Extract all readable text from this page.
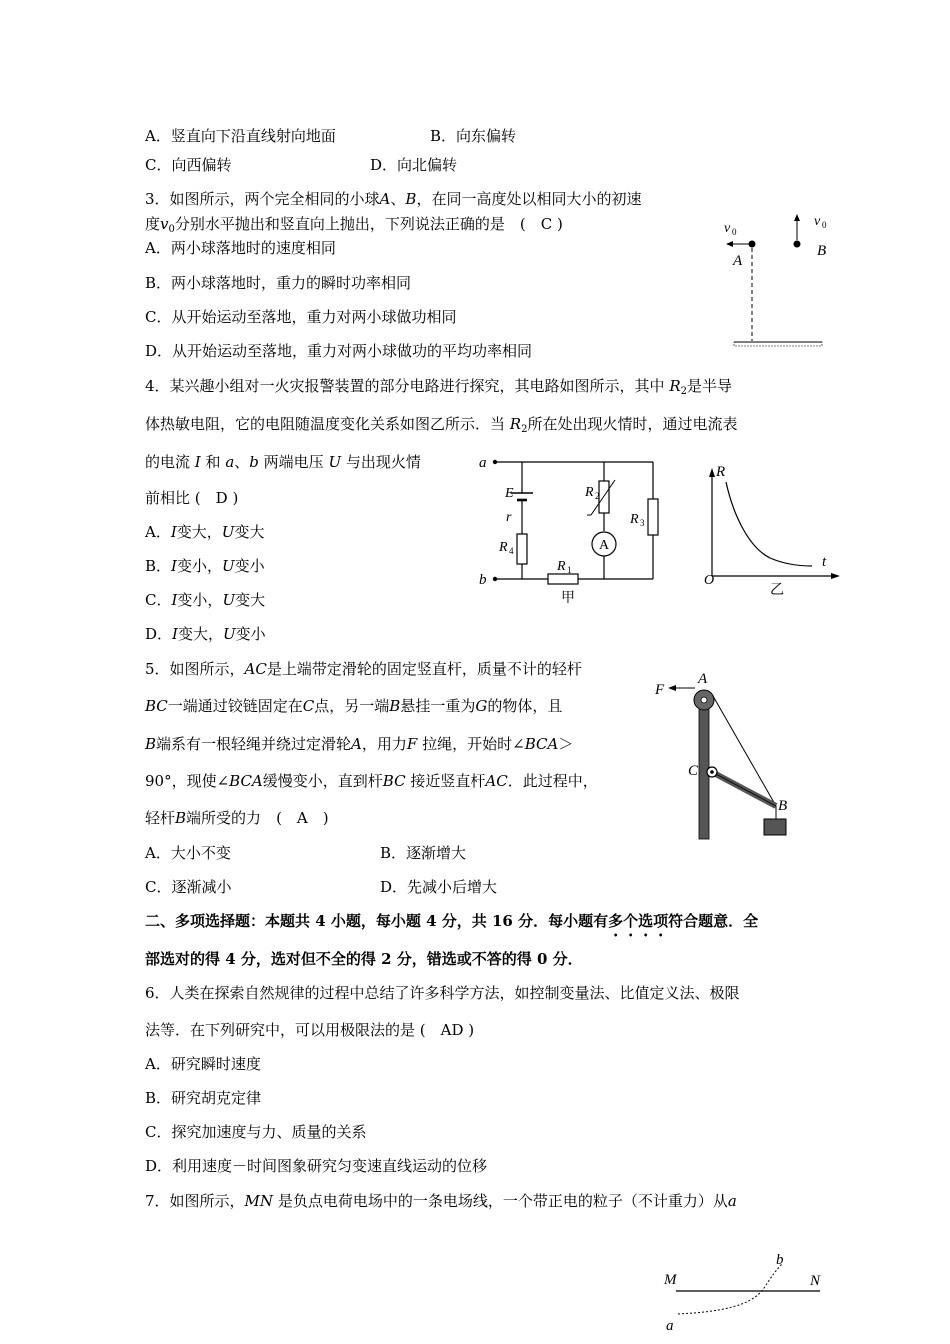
A．竖直向下沿直线射向地面	B．向东偏转
C．向西偏转	D．向北偏转
3．如图所示，两个完全相同的小球A、B，在同一高度处以相同大小的初速
度$v_0$分别水平抛出和竖直向上抛出，下列说法正确的是　 (　C )
A．两小球落地时的速度相同
B．两小球落地时，重力的瞬时功率相同
C．从开始运动至落地，重力对两小球做功相同
D．从开始运动至落地，重力对两小球做功的平均功率相同
v 0
A
v 0
B
4．某兴趣小组对一火灾报警装置的部分电路进行探究，其电路如图所示，其中 $R_2$是半导
体热敏电阻，它的电阻随温度变化关系如图乙所示．当 $R_2$所在处出现火情时，通过电流表
的电流 I 和 a、b 两端电压 U 与出现火情
前相比 (　D )
A．I变大，U变大
B．I变小，U变小
C．I变小，U变大
D．I变大，U变小
a
b
R 1
甲
E
r
R 4	A
R 2
R 3
R
t
O
乙
5．如图所示，AC是上端带定滑轮的固定竖直杆，质量不计的轻杆
BC一端通过铰链固定在C点，另一端B悬挂一重为G的物体，且
B端系有一根轻绳并绕过定滑轮A，用力F 拉绳，开始时∠BCA＞
90°，现使∠BCA缓慢变小，直到杆BC 接近竖直杆AC．此过程中，
轻杆B端所受的力　 (　A　)
A．大小不变	B．逐渐增大
C．逐渐减小	D．先减小后增大
F
A
C
B
二、多项选择题：本题共 4 小题，每小题 4 分，共 16 分．每小题有多个选项符合题意．全
部选对的得 4 分，选对但不全的得 2 分，错选或不答的得 0 分．
6．人类在探索自然规律的过程中总结了许多科学方法，如控制变量法、比值定义法、极限
法等．在下列研究中，可以用极限法的是 (　AD )
A．研究瞬时速度
B．研究胡克定律
C．探究加速度与力、质量的关系
D．利用速度－时间图象研究匀变速直线运动的位移
7．如图所示，MN 是负点电荷电场中的一条电场线，一个带正电的粒子（不计重力）从a
M	N
b
a
